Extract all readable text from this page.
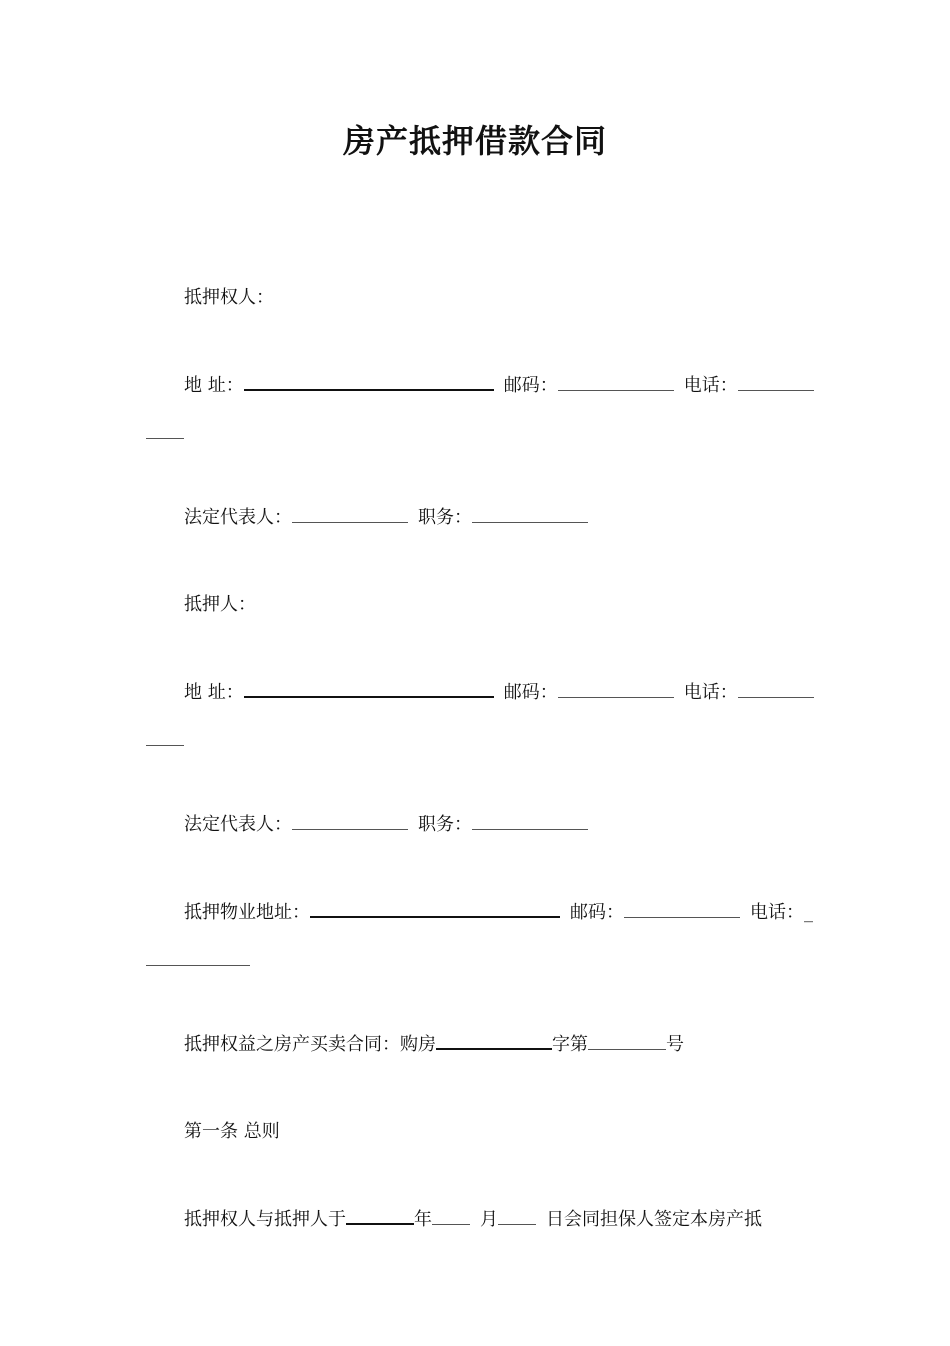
房产抵押借款合同
抵押权人：
地 址：	邮码：	电话：
法定代表人：	职务：
抵押人：
地 址：	邮码：	电话：
法定代表人：	职务：
抵押物业地址：	邮码：	电话：_
抵押权益之房产买卖合同：购房	字第	号
第一条 总则
抵押权人与抵押人于	年	月	日会同担保人签定本房产抵
